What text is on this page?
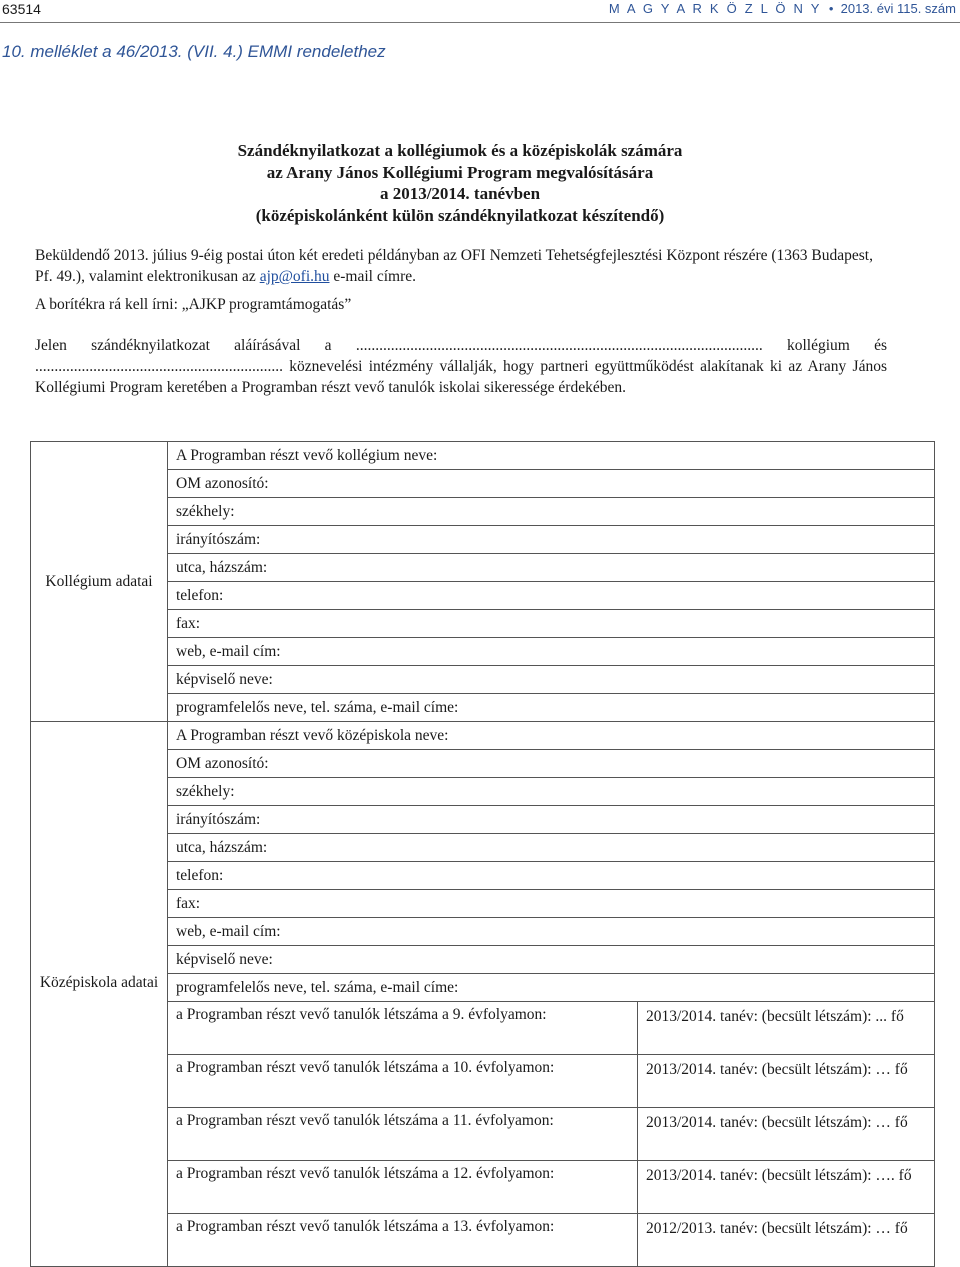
63514	M A G Y A R K Ö Z L Ö N Y • 2013. évi 115. szám
10. melléklet a 46/2013. (VII. 4.) EMMI rendelethez
Szándéknyilatkozat a kollégiumok és a középiskolák számára
az Arany János Kollégiumi Program megvalósítására
a 2013/2014. tanévben
(középiskolánként külön szándéknyilatkozat készítendő)
Beküldendő 2013. július 9-éig postai úton két eredeti példányban az OFI Nemzeti Tehetségfejlesztési Központ részére (1363 Budapest, Pf. 49.), valamint elektronikusan az ajp@ofi.hu e-mail címre.
A borítékra rá kell írni: „AJKP programtámogatás”
Jelen szándéknyilatkozat aláírásával a ......................................................................................................... kollégium és ................................................................ köznevelési intézmény vállalják, hogy partneri együttműködést alakítanak ki az Arany János Kollégiumi Program keretében a Programban részt vevő tanulók iskolai sikeressége érdekében.
Kollégium adatai	A Programban részt vevő kollégium neve:	
	OM azonosító:	
	székhely:	
	irányítószám:	
	utca, házszám:	
	telefon:	
	fax:	
	web, e-mail cím:	
	képviselő neve:	
	programfelelős neve, tel. száma, e-mail címe:	

Középiskola adatai	A Programban részt vevő középiskola neve:	
	OM azonosító:	
	székhely:	
	irányítószám:	
	utca, házszám:	
	telefon:	
	fax:	
	web, e-mail cím:	
	képviselő neve:	
	programfelelős neve, tel. száma, e-mail címe:	
	a Programban részt vevő tanulók létszáma a 9. évfolyamon:	2013/2014. tanév: (becsült létszám): ... fő
	a Programban részt vevő tanulók létszáma a 10. évfolyamon:	2013/2014. tanév: (becsült létszám): … fő
	a Programban részt vevő tanulók létszáma a 11. évfolyamon:	2013/2014. tanév: (becsült létszám): … fő
	a Programban részt vevő tanulók létszáma a 12. évfolyamon:	2013/2014. tanév: (becsült létszám): …. fő
	a Programban részt vevő tanulók létszáma a 13. évfolyamon:	2012/2013. tanév: (becsült létszám): … fő
